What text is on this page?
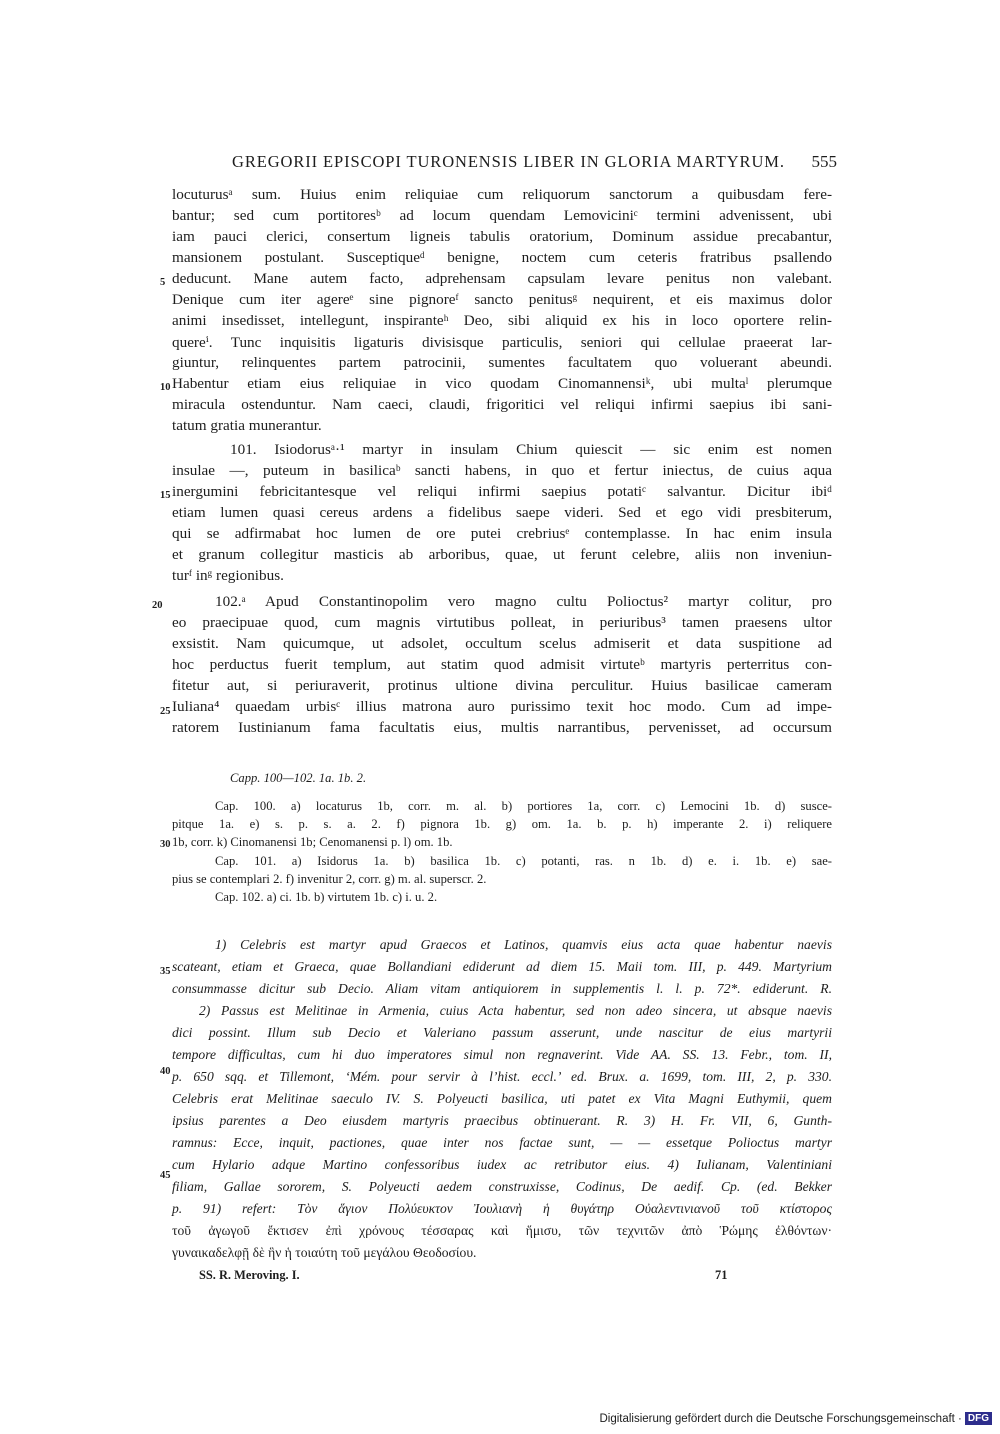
GREGORII EPISCOPI TURONENSIS LIBER IN GLORIA MARTYRUM. 555
locuturusᵃ sum. Huius enim reliquiae cum reliquorum sanctorum a quibusdam fere-
bantur; sed cum portitoresᵇ ad locum quendam Lemoviciniᶜ termini advenissent, ubi
iam pauci clerici, consertum ligneis tabulis oratorium, Dominum assidue precabantur,
mansionem postulant. Susceptiqueᵈ benigne, noctem cum ceteris fratribus psallendo
deducunt. Mane autem facto, adprehensam capsulam levare penitus non valebant.
Denique cum iter agereᵉ sine pignoreᶠ sancto penitusᵍ nequirent, et eis maximus dolor
animi insedisset, intellegunt, inspiranteʰ Deo, sibi aliquid ex his in loco oportere relin-
quereⁱ. Tunc inquisitis ligaturis divisisque particulis, seniori qui cellulae praeerat lar-
giuntur, relinquentes partem patrocinii, sumentes facultatem quo voluerant abeundi.
Habentur etiam eius reliquiae in vico quodam Cinomannensiᵏ, ubi multaˡ plerumque
miracula ostenduntur. Nam caeci, claudi, frigoritici vel reliqui infirmi saepius ibi sani-
tatum gratia munerantur.
101. Isiodorusᵃ·¹ martyr in insulam Chium quiescit — sic enim est nomen
insulae —, puteum in basilicaᵇ sancti habens, in quo et fertur iniectus, de cuius aqua
inergumini febricitantesque vel reliqui infirmi saepius potatiᶜ salvantur. Dicitur ibiᵈ
etiam lumen quasi cereus ardens a fidelibus saepe videri. Sed et ego vidi presbiterum,
qui se adfirmabat hoc lumen de ore putei crebriusᵉ contemplasse. In hac enim insula
et granum collegitur masticis ab arboribus, quae, ut ferunt celebre, aliis non inveniun-
turᶠ inᵍ regionibus.
102.ᵃ Apud Constantinopolim vero magno cultu Polioctus² martyr colitur, pro
eo praecipuae quod, cum magnis virtutibus polleat, in periuribus³ tamen praesens ultor
exsistit. Nam quicumque, ut adsolet, occultum scelus admiserit et data suspitione ad
hoc perductus fuerit templum, aut statim quod admisit virtuteᵇ martyris perterritus con-
fitetur aut, si periuraverit, protinus ultione divina perculitur. Huius basilicae cameram
Iuliana⁴ quaedam urbisᶜ illius matrona auro purissimo texit hoc modo. Cum ad impe-
ratorem Iustinianum fama facultatis eius, multis narrantibus, pervenisset, ad occursum
5
10
15
20
25
30
35
40
45
Capp. 100—102. 1a. 1b. 2.
Cap. 100. a) locaturus 1b, corr. m. al. b) portiores 1a, corr. c) Lemocini 1b. d) susce-
pitque 1a. e) s. p. s. a. 2. f) pignora 1b. g) om. 1a. b. p. h) imperante 2. i) reliquere
1b, corr. k) Cinomanensi 1b; Cenomanensi p. l) om. 1b.
Cap. 101. a) Isidorus 1a. b) basilica 1b. c) potanti, ras. n 1b. d) e. i. 1b. e) sae-
pius se contemplari 2. f) invenitur 2, corr. g) m. al. superscr. 2.
Cap. 102. a) ci. 1b. b) virtutem 1b. c) i. u. 2.
1) Celebris est martyr apud Graecos et Latinos, quamvis eius acta quae habentur naevis
scateant, etiam et Graeca, quae Bollandiani ediderunt ad diem 15. Maii tom. III, p. 449. Martyrium
consummasse dicitur sub Decio. Aliam vitam antiquiorem in supplementis l. l. p. 72*. ediderunt. R.
2) Passus est Melitinae in Armenia, cuius Acta habentur, sed non adeo sincera, ut absque naevis
dici possint. Illum sub Decio et Valeriano passum asserunt, unde nascitur de eius martyrii
tempore difficultas, cum hi duo imperatores simul non regnaverint. Vide AA. SS. 13. Febr., tom. II,
p. 650 sqq. et Tillemont, ‘Mém. pour servir à l’hist. eccl.’ ed. Brux. a. 1699, tom. III, 2, p. 330.
Celebris erat Melitinae saeculo IV. S. Polyeucti basilica, uti patet ex Vita Magni Euthymii, quem
ipsius parentes a Deo eiusdem martyris praecibus obtinuerant. R. 3) H. Fr. VII, 6, Gunth-
ramnus: Ecce, inquit, pactiones, quae inter nos factae sunt, — — essetque Polioctus martyr
cum Hylario adque Martino confessoribus iudex ac retributor eius. 4) Iulianam, Valentiniani
filiam, Gallae sororem, S. Polyeucti aedem construxisse, Codinus, De aedif. Cp. (ed. Bekker
p. 91) refert: Τὸν ἅγιον Πολύευκτον Ἰουλιανὴ ἡ θυγάτηρ Οὐαλεντινιανοῦ τοῦ κτίστορος
τοῦ ἀγωγοῦ ἔκτισεν ἐπὶ χρόνους τέσσαρας καὶ ἥμισυ, τῶν τεχνιτῶν ἀπὸ Ῥώμης ἐλθόντων·
γυναικαδελφῇ δὲ ἣν ἡ τοιαύτη τοῦ μεγάλου Θεοδοσίου.
SS. R. Meroving. I.	71
Digitalisierung gefördert durch die Deutsche Forschungsgemeinschaft · DFG
